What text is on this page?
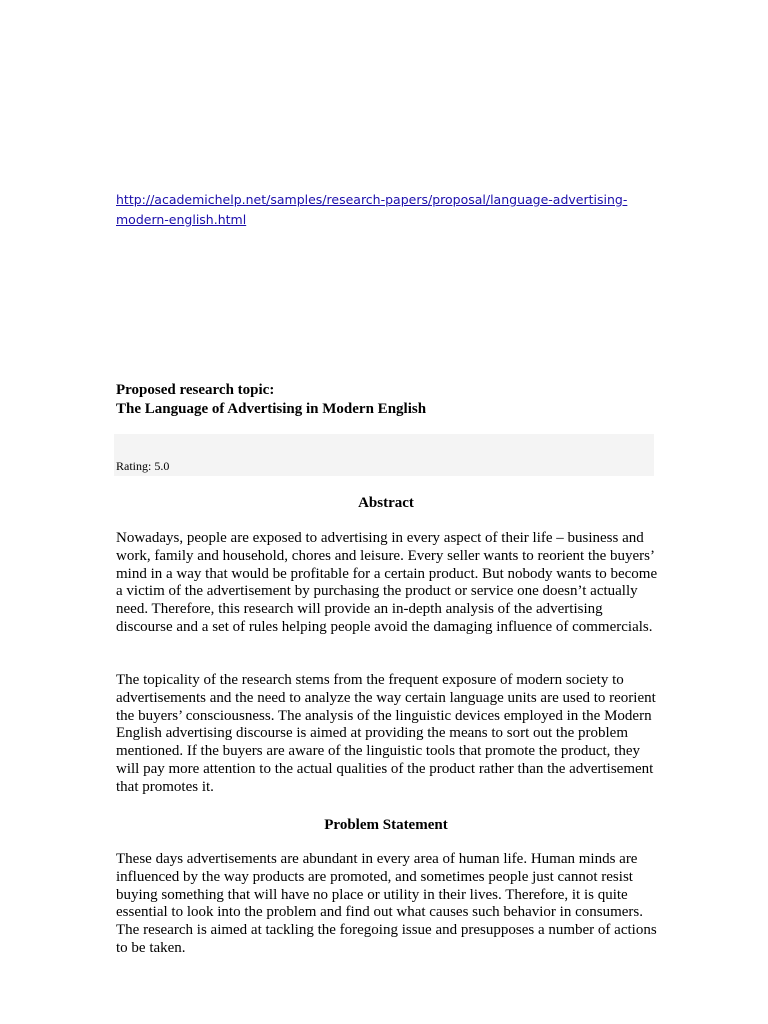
http://academichelp.net/samples/research-papers/proposal/language-advertising-modern-english.html
Proposed research topic:
The Language of Advertising in Modern English
Rating: 5.0
Abstract

Nowadays, people are exposed to advertising in every aspect of their life – business and work, family and household, chores and leisure. Every seller wants to reorient the buyers’ mind in a way that would be profitable for a certain product. But nobody wants to become a victim of the advertisement by purchasing the product or service one doesn’t actually need. Therefore, this research will provide an in-depth analysis of the advertising discourse and a set of rules helping people avoid the damaging influence of commercials.

The topicality of the research stems from the frequent exposure of modern society to advertisements and the need to analyze the way certain language units are used to reorient the buyers’ consciousness. The analysis of the linguistic devices employed in the Modern English advertising discourse is aimed at providing the means to sort out the problem mentioned. If the buyers are aware of the linguistic tools that promote the product, they will pay more attention to the actual qualities of the product rather than the advertisement that promotes it.

Problem Statement

These days advertisements are abundant in every area of human life. Human minds are influenced by the way products are promoted, and sometimes people just cannot resist buying something that will have no place or utility in their lives. Therefore, it is quite essential to look into the problem and find out what causes such behavior in consumers. The research is aimed at tackling the foregoing issue and presupposes a number of actions to be taken.
